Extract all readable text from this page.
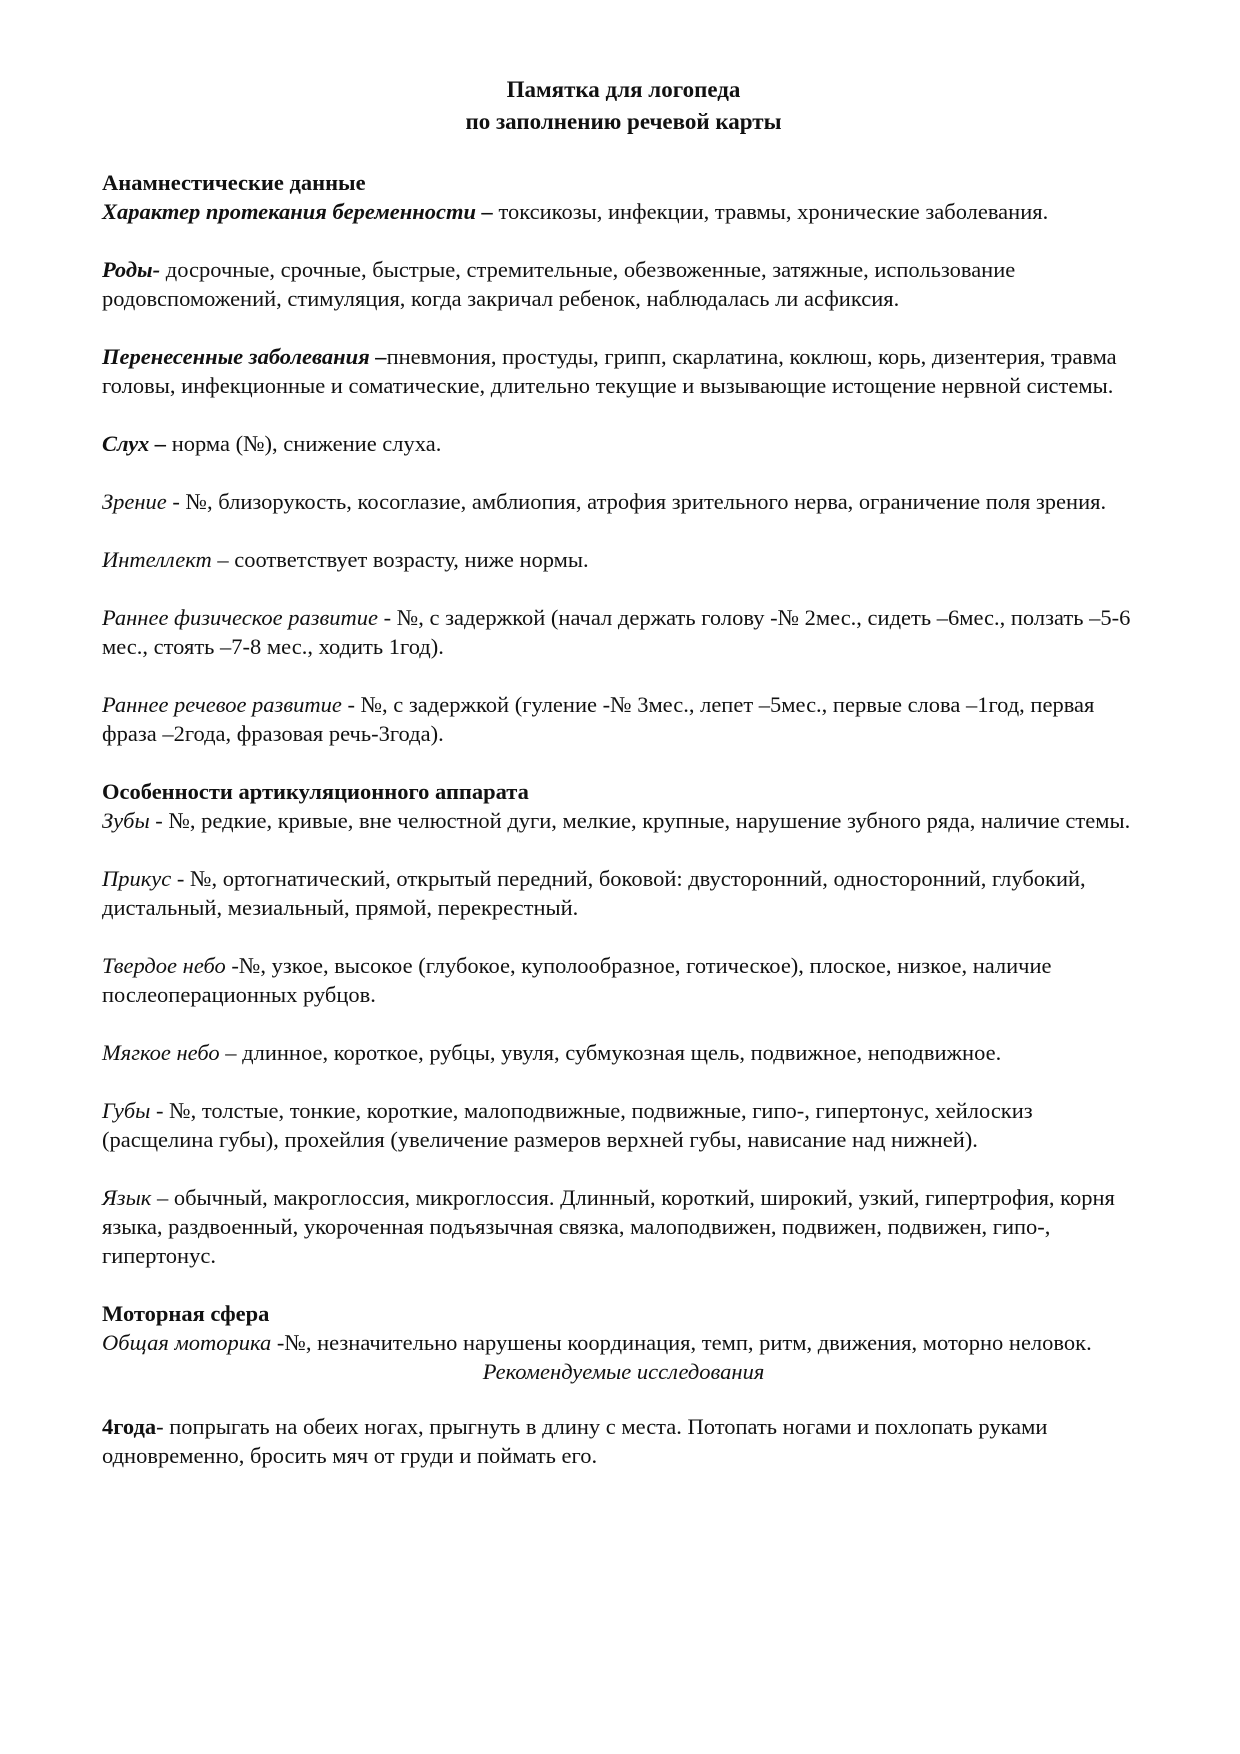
Памятка для логопеда
по заполнению речевой карты

Анамнестические данные

Характер протекания беременности – токсикозы, инфекции, травмы, хронические заболевания.

Роды- досрочные, срочные, быстрые, стремительные, обезвоженные, затяжные, использование родовспоможений, стимуляция, когда закричал ребенок, наблюдалась ли асфиксия.

Перенесенные заболевания –пневмония, простуды, грипп, скарлатина, коклюш, корь, дизентерия, травма головы, инфекционные и соматические, длительно текущие и вызывающие истощение нервной системы.

Слух – норма (№), снижение слуха.

Зрение - №, близорукость, косоглазие, амблиопия, атрофия зрительного нерва, ограничение поля зрения.

Интеллект – соответствует возрасту, ниже нормы.

Раннее физическое развитие - №, с задержкой (начал держать голову -№ 2мес., сидеть –6мес., ползать –5-6 мес., стоять –7-8 мес., ходить 1год).

Раннее речевое развитие - №, с задержкой (гуление -№ 3мес., лепет –5мес., первые слова –1год, первая фраза –2года, фразовая речь-3года).

Особенности артикуляционного аппарата

Зубы - №, редкие, кривые, вне челюстной дуги, мелкие, крупные, нарушение зубного ряда, наличие стемы.

Прикус - №, ортогнатический, открытый передний, боковой: двусторонний, односторонний, глубокий, дистальный, мезиальный, прямой, перекрестный.

Твердое небо -№, узкое, высокое (глубокое, куполообразное, готическое), плоское, низкое, наличие послеоперационных рубцов.

Мягкое небо – длинное, короткое, рубцы, увуля, субмукозная щель, подвижное, неподвижное.

Губы - №, толстые, тонкие, короткие, малоподвижные, подвижные, гипо-, гипертонус, хейлоскиз (расщелина губы), прохейлия (увеличение размеров верхней губы, нависание над нижней).

Язык – обычный, макроглоссия, микроглоссия. Длинный, короткий, широкий, узкий, гипертрофия, корня языка, раздвоенный, укороченная подъязычная связка, малоподвижен, подвижен, подвижен, гипо-, гипертонус.

Моторная сфера

Общая моторика -№, незначительно нарушены координация, темп, ритм, движения, моторно неловок.

Рекомендуемые исследования

4года- попрыгать на обеих ногах, прыгнуть в длину с места. Потопать ногами и похлопать руками одновременно, бросить мяч от груди и поймать его.
